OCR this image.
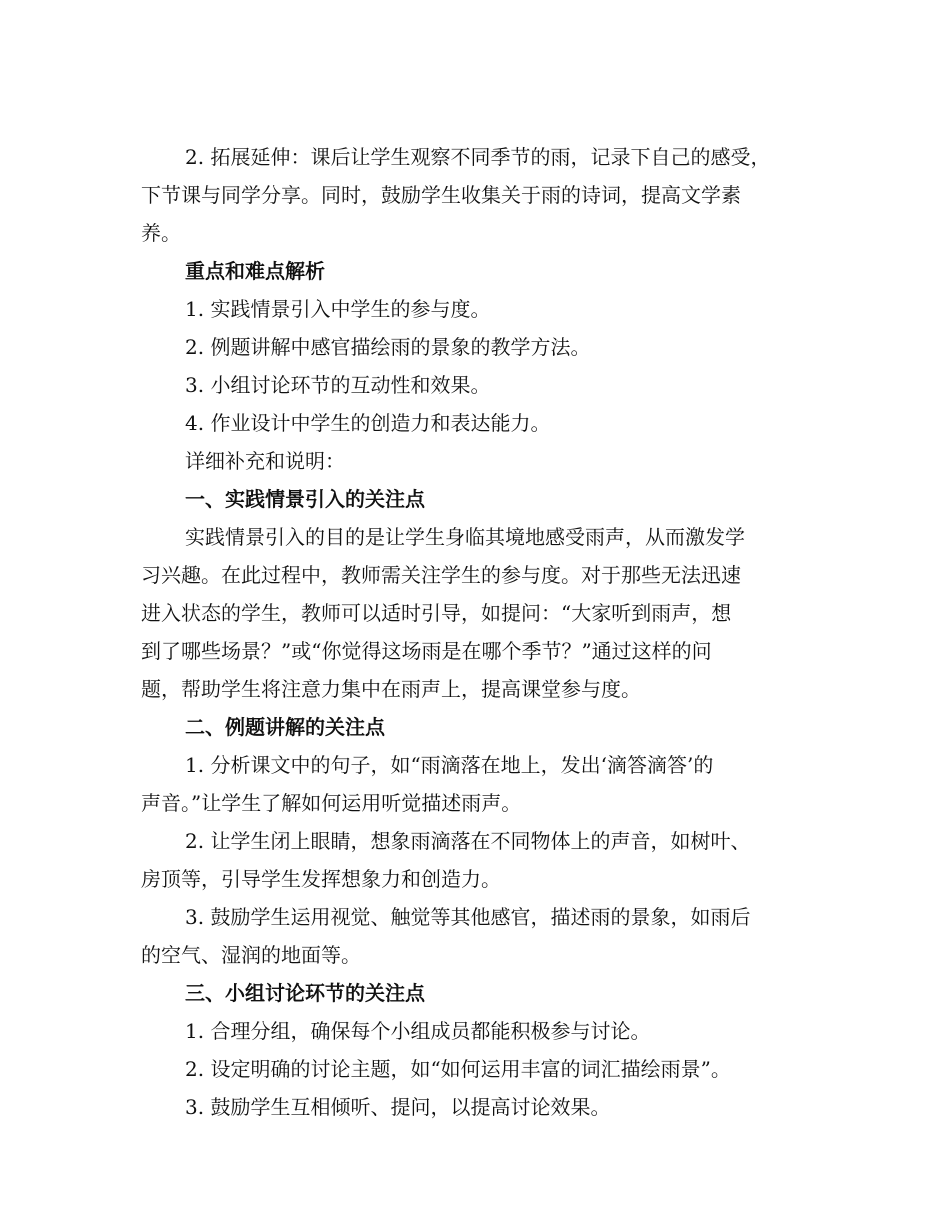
2. 拓展延伸：课后让学生观察不同季节的雨，记录下自己的感受，
下节课与同学分享。同时，鼓励学生收集关于雨的诗词，提高文学素
养。
重点和难点解析
1. 实践情景引入中学生的参与度。
2. 例题讲解中感官描绘雨的景象的教学方法。
3. 小组讨论环节的互动性和效果。
4. 作业设计中学生的创造力和表达能力。
详细补充和说明：
一、实践情景引入的关注点
实践情景引入的目的是让学生身临其境地感受雨声，从而激发学
习兴趣。在此过程中，教师需关注学生的参与度。对于那些无法迅速
进入状态的学生，教师可以适时引导，如提问：“大家听到雨声，想
到了哪些场景？”或“你觉得这场雨是在哪个季节？”通过这样的问
题，帮助学生将注意力集中在雨声上，提高课堂参与度。
二、例题讲解的关注点
1. 分析课文中的句子，如“雨滴落在地上，发出‘滴答滴答’的
声音。”让学生了解如何运用听觉描述雨声。
2. 让学生闭上眼睛，想象雨滴落在不同物体上的声音，如树叶、
房顶等，引导学生发挥想象力和创造力。
3. 鼓励学生运用视觉、触觉等其他感官，描述雨的景象，如雨后
的空气、湿润的地面等。
三、小组讨论环节的关注点
1. 合理分组，确保每个小组成员都能积极参与讨论。
2. 设定明确的讨论主题，如“如何运用丰富的词汇描绘雨景”。
3. 鼓励学生互相倾听、提问，以提高讨论效果。
